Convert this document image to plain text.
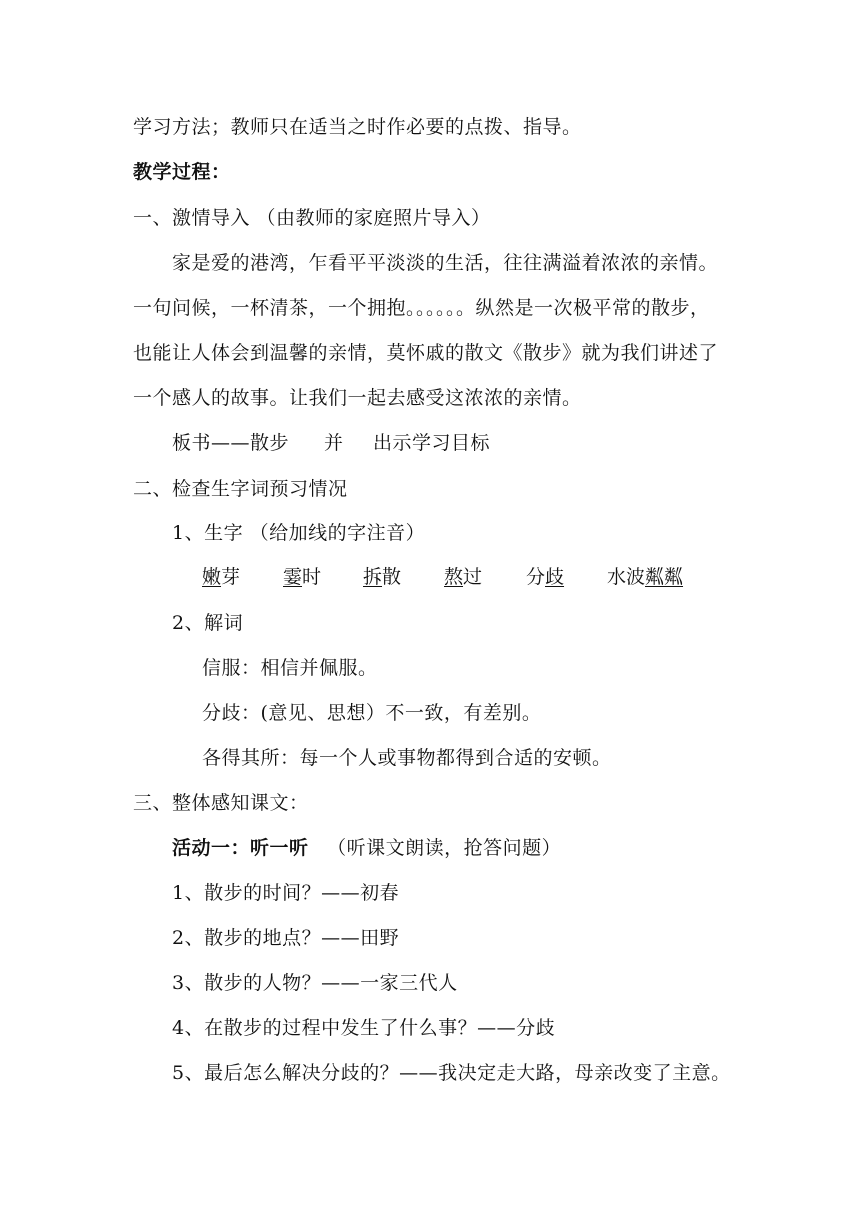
学习方法；教师只在适当之时作必要的点拨、指导。
教学过程：
一、激情导入 （由教师的家庭照片导入）
家是爱的港湾，乍看平平淡淡的生活，往往满溢着浓浓的亲情。
一句问候，一杯清茶，一个拥抱。。。。。。纵然是一次极平常的散步，
也能让人体会到温馨的亲情，莫怀戚的散文《散步》就为我们讲述了
一个感人的故事。让我们一起去感受这浓浓的亲情。
板书——散步 并 出示学习目标
二、检查生字词预习情况
1、生字 （给加线的字注音）
嫩芽 霎时 拆散 熬过 分歧 水波粼粼
2、解词
信服：相信并佩服。
分歧：(意见、思想）不一致，有差别。
各得其所：每一个人或事物都得到合适的安顿。
三、整体感知课文：
活动一：听一听 （听课文朗读，抢答问题）
1、散步的时间？——初春
2、散步的地点？——田野
3、散步的人物？——一家三代人
4、在散步的过程中发生了什么事？——分歧
5、最后怎么解决分歧的？——我决定走大路，母亲改变了主意。
